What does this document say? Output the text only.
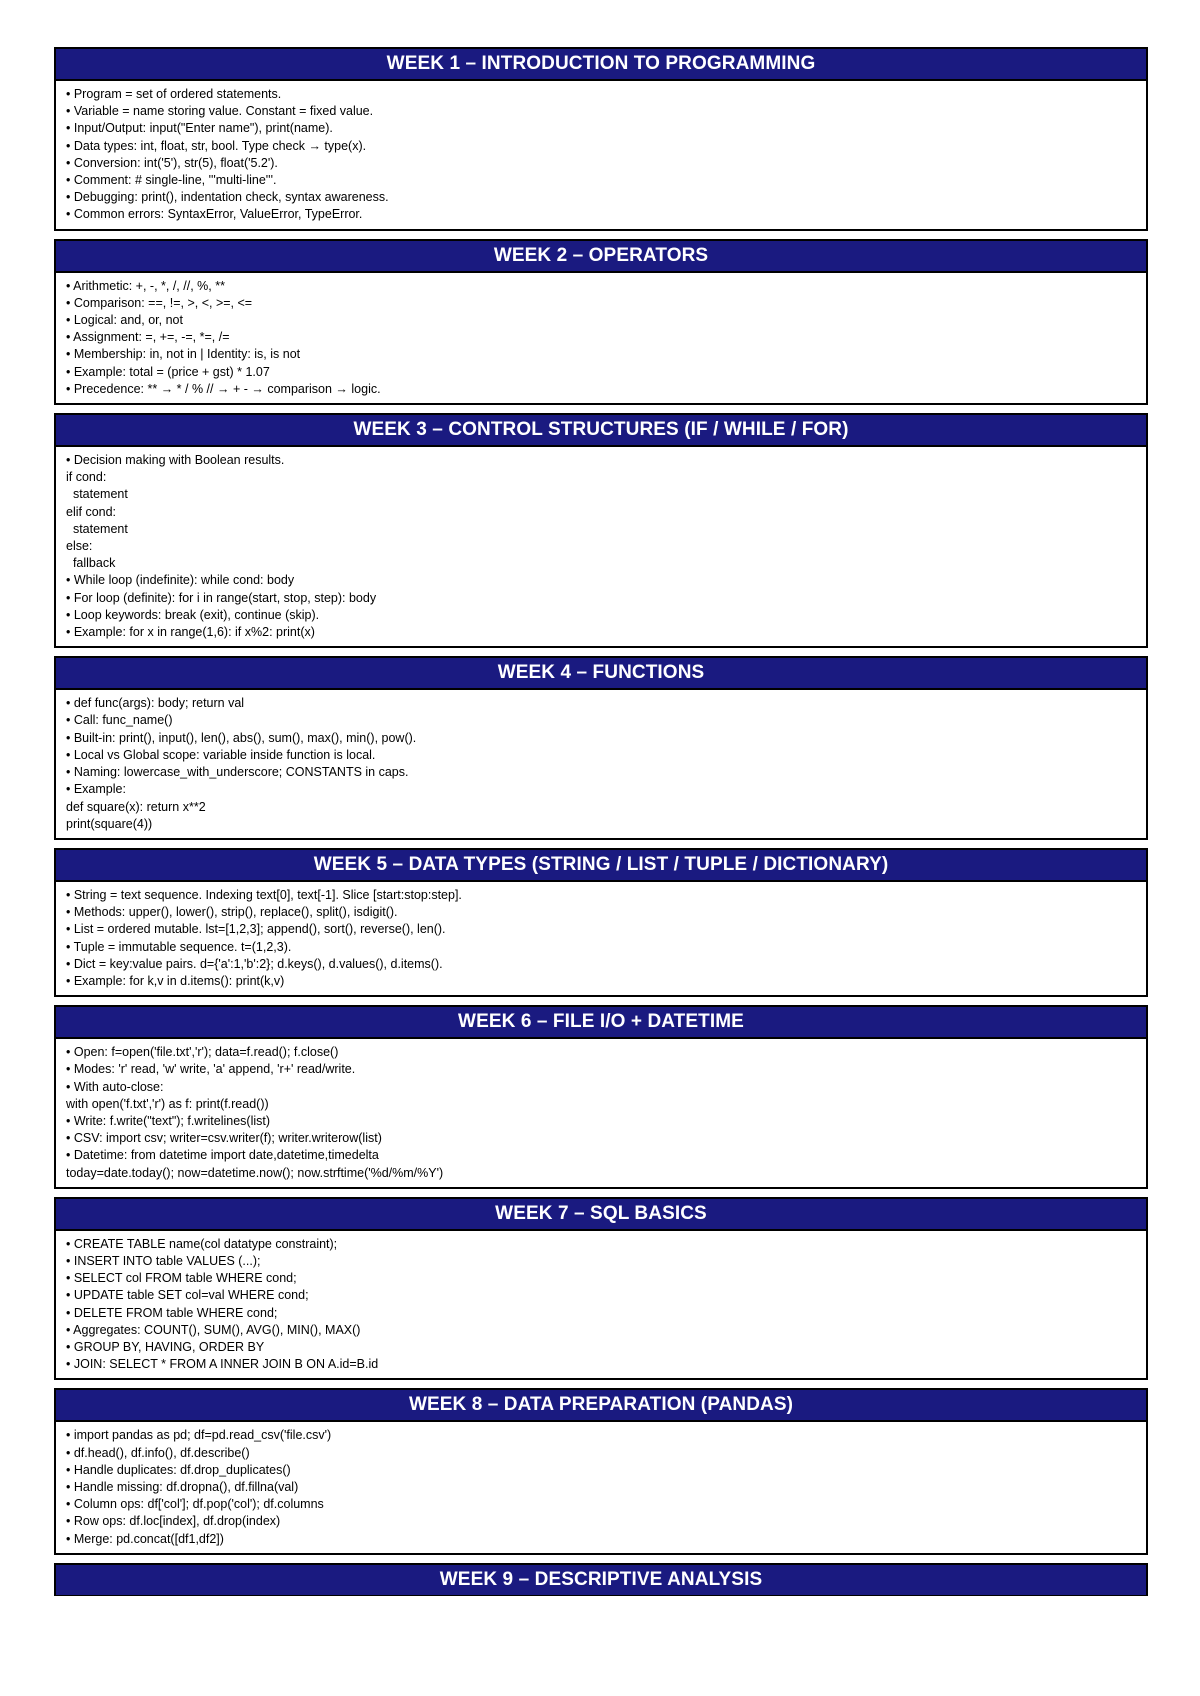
WEEK 1 – INTRODUCTION TO PROGRAMMING
• Program = set of ordered statements.
• Variable = name storing value. Constant = fixed value.
• Input/Output: input("Enter name"), print(name).
• Data types: int, float, str, bool. Type check → type(x).
• Conversion: int('5'), str(5), float('5.2').
• Comment: # single-line, '''multi-line'''.
• Debugging: print(), indentation check, syntax awareness.
• Common errors: SyntaxError, ValueError, TypeError.
WEEK 2 – OPERATORS
• Arithmetic: +, -, *, /, //, %, **
• Comparison: ==, !=, >, <, >=, <=
• Logical: and, or, not
• Assignment: =, +=, -=, *=, /=
• Membership: in, not in | Identity: is, is not
• Example: total = (price + gst) * 1.07
• Precedence: ** → * / % // → + - → comparison → logic.
WEEK 3 – CONTROL STRUCTURES (IF / WHILE / FOR)
• Decision making with Boolean results.
if cond:
statement
elif cond:
statement
else:
fallback
• While loop (indefinite): while cond: body
• For loop (definite): for i in range(start, stop, step): body
• Loop keywords: break (exit), continue (skip).
• Example: for x in range(1,6): if x%2: print(x)
WEEK 4 – FUNCTIONS
• def func(args): body; return val
• Call: func_name()
• Built-in: print(), input(), len(), abs(), sum(), max(), min(), pow().
• Local vs Global scope: variable inside function is local.
• Naming: lowercase_with_underscore; CONSTANTS in caps.
• Example:
def square(x): return x**2
print(square(4))
WEEK 5 – DATA TYPES (STRING / LIST / TUPLE / DICTIONARY)
• String = text sequence. Indexing text[0], text[-1]. Slice [start:stop:step].
• Methods: upper(), lower(), strip(), replace(), split(), isdigit().
• List = ordered mutable. lst=[1,2,3]; append(), sort(), reverse(), len().
• Tuple = immutable sequence. t=(1,2,3).
• Dict = key:value pairs. d={'a':1,'b':2}; d.keys(), d.values(), d.items().
• Example: for k,v in d.items(): print(k,v)
WEEK 6 – FILE I/O + DATETIME
• Open: f=open('file.txt','r'); data=f.read(); f.close()
• Modes: 'r' read, 'w' write, 'a' append, 'r+' read/write.
• With auto-close:
with open('f.txt','r') as f: print(f.read())
• Write: f.write("text"); f.writelines(list)
• CSV: import csv; writer=csv.writer(f); writer.writerow(list)
• Datetime: from datetime import date,datetime,timedelta
today=date.today(); now=datetime.now(); now.strftime('%d/%m/%Y')
WEEK 7 – SQL BASICS
• CREATE TABLE name(col datatype constraint);
• INSERT INTO table VALUES (...);
• SELECT col FROM table WHERE cond;
• UPDATE table SET col=val WHERE cond;
• DELETE FROM table WHERE cond;
• Aggregates: COUNT(), SUM(), AVG(), MIN(), MAX()
• GROUP BY, HAVING, ORDER BY
• JOIN: SELECT * FROM A INNER JOIN B ON A.id=B.id
WEEK 8 – DATA PREPARATION (PANDAS)
• import pandas as pd; df=pd.read_csv('file.csv')
• df.head(), df.info(), df.describe()
• Handle duplicates: df.drop_duplicates()
• Handle missing: df.dropna(), df.fillna(val)
• Column ops: df['col']; df.pop('col'); df.columns
• Row ops: df.loc[index], df.drop(index)
• Merge: pd.concat([df1,df2])
WEEK 9 – DESCRIPTIVE ANALYSIS
